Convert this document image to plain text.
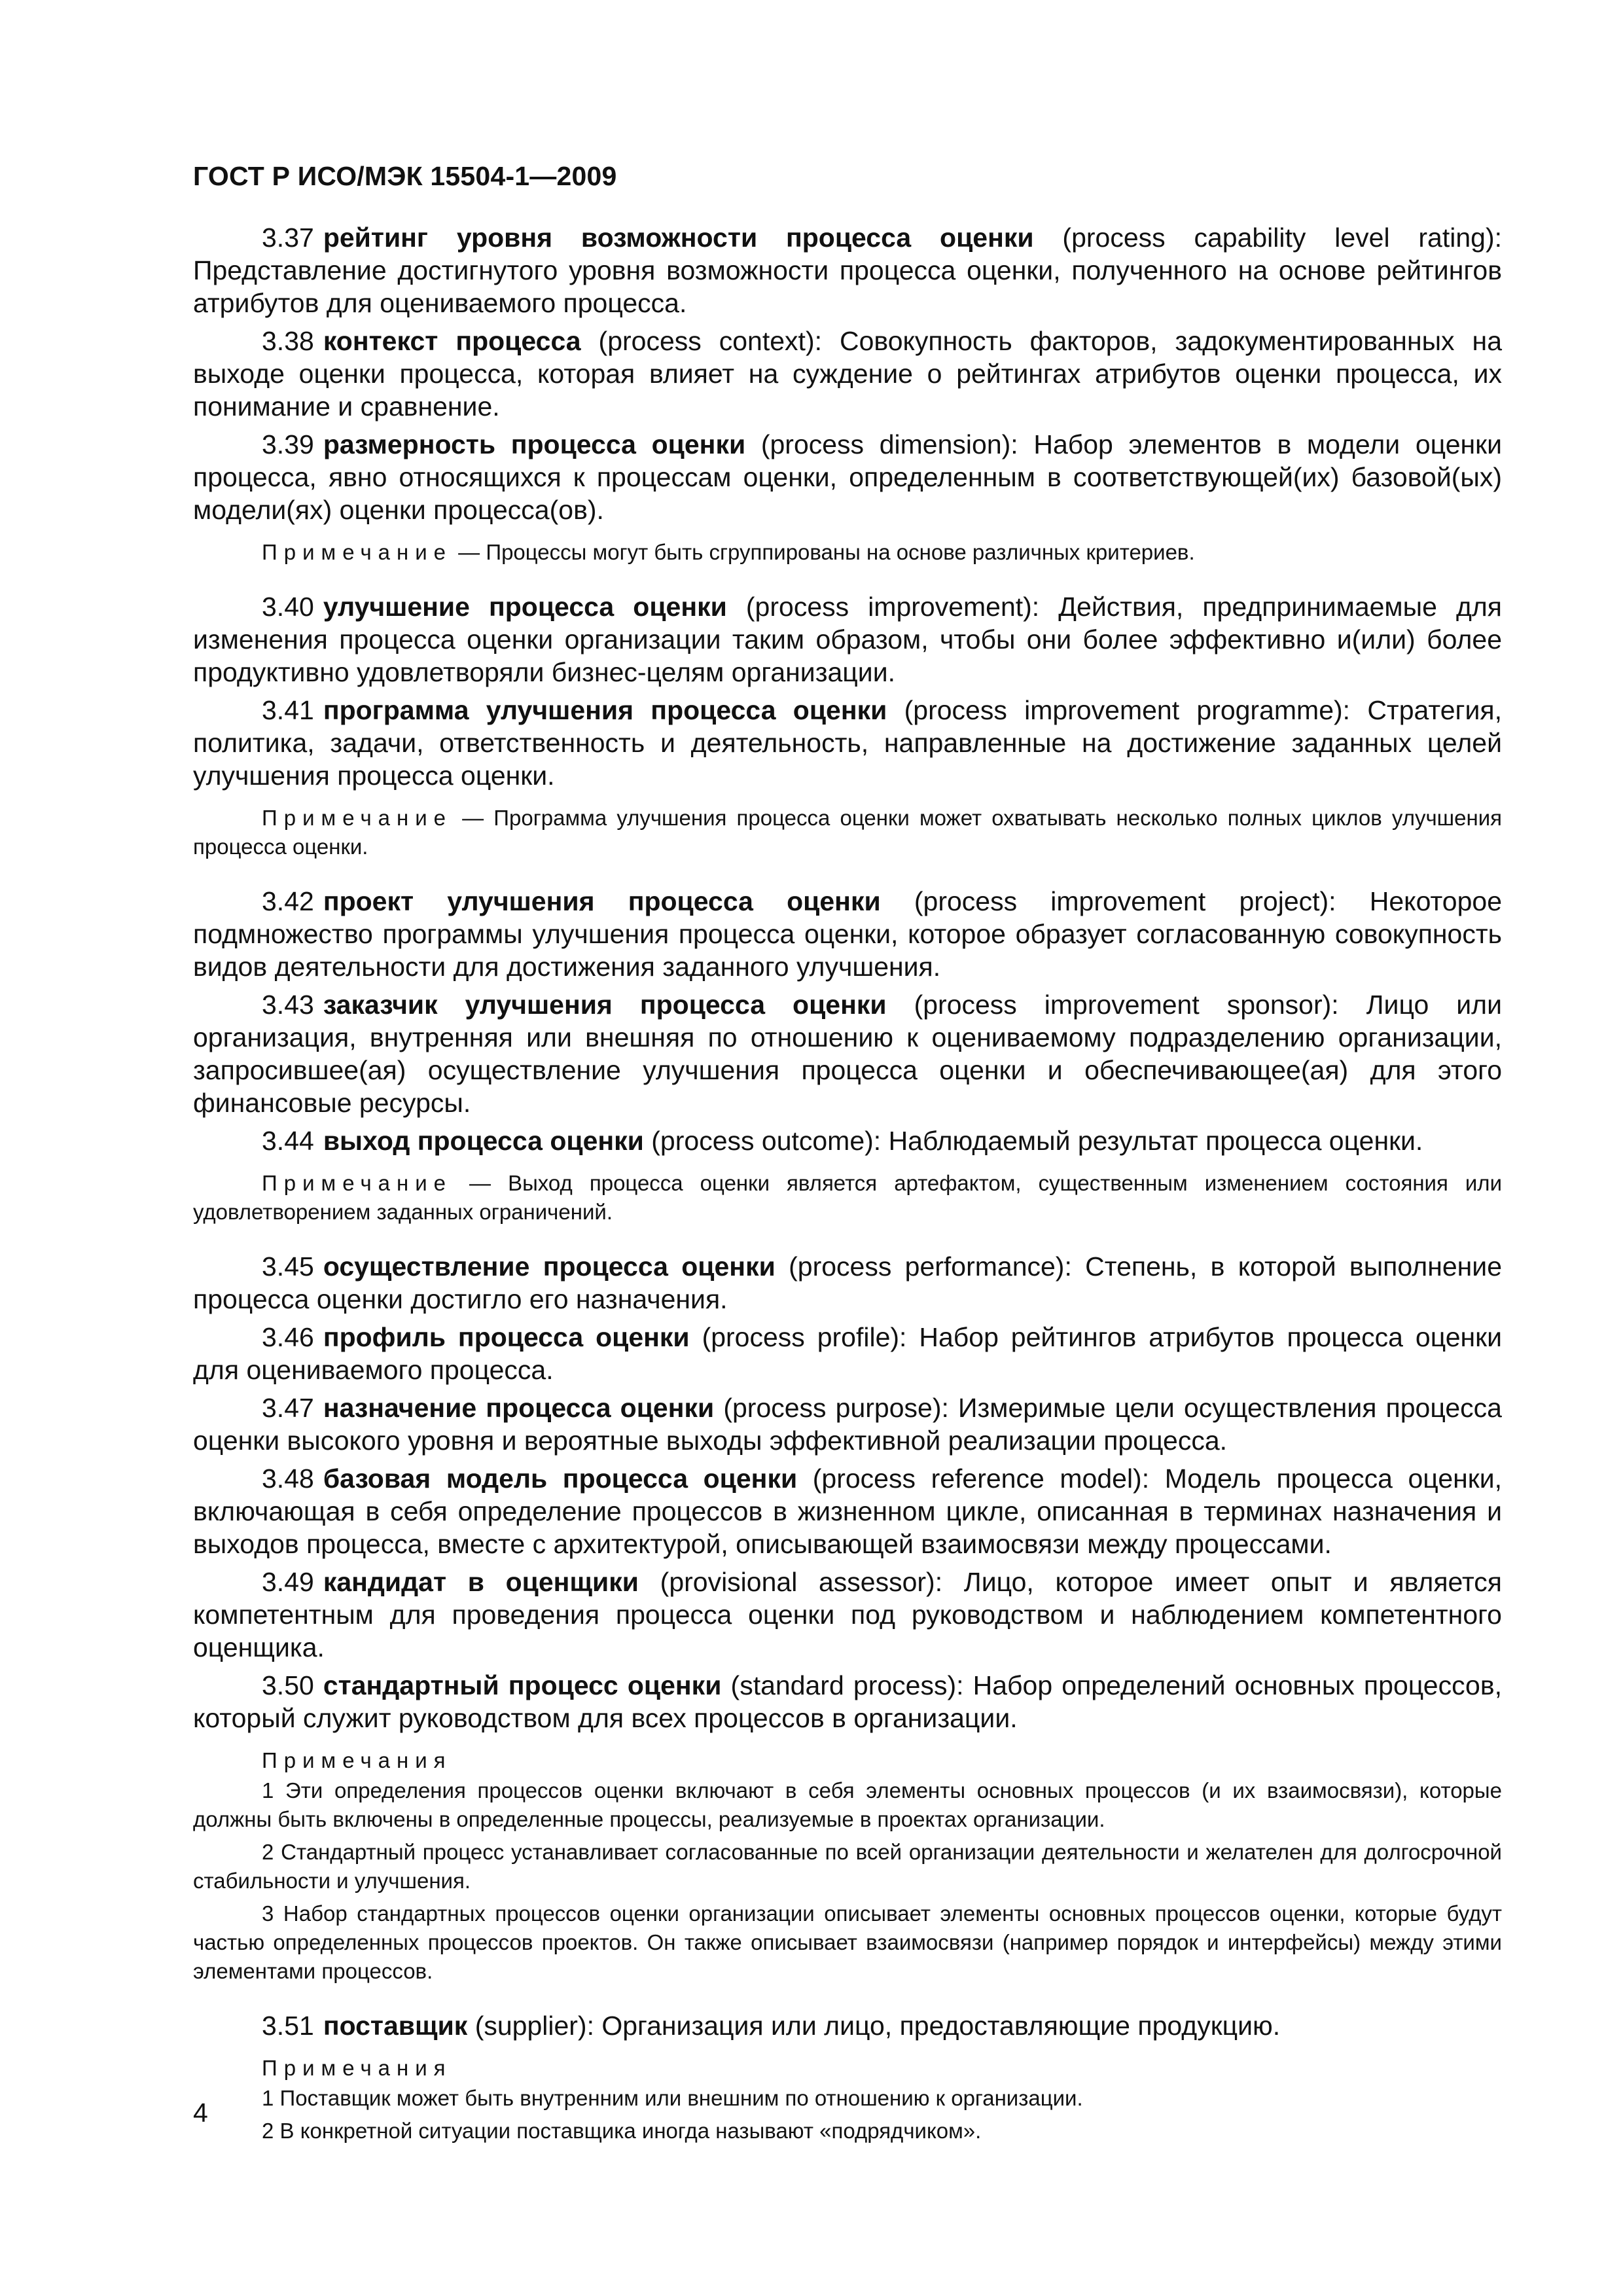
ГОСТ Р ИСО/МЭК 15504-1—2009

3.37 рейтинг уровня возможности процесса оценки (process capability level rating): Представление достигнутого уровня возможности процесса оценки, полученного на основе рейтингов атрибутов для оцениваемого процесса.

3.38 контекст процесса (process context): Совокупность факторов, задокументированных на выходе оценки процесса, которая влияет на суждение о рейтингах атрибутов оценки процесса, их понимание и сравнение.

3.39 размерность процесса оценки (process dimension): Набор элементов в модели оценки процесса, явно относящихся к процессам оценки, определенным в соответствующей(их) базовой(ых) модели(ях) оценки процесса(ов).

Примечание — Процессы могут быть сгруппированы на основе различных критериев.

3.40 улучшение процесса оценки (process improvement): Действия, предпринимаемые для изменения процесса оценки организации таким образом, чтобы они более эффективно и(или) более продуктивно удовлетворяли бизнес-целям организации.

3.41 программа улучшения процесса оценки (process improvement programme): Стратегия, политика, задачи, ответственность и деятельность, направленные на достижение заданных целей улучшения процесса оценки.

Примечание — Программа улучшения процесса оценки может охватывать несколько полных циклов улучшения процесса оценки.

3.42 проект улучшения процесса оценки (process improvement project): Некоторое подмножество программы улучшения процесса оценки, которое образует согласованную совокупность видов деятельности для достижения заданного улучшения.

3.43 заказчик улучшения процесса оценки (process improvement sponsor): Лицо или организация, внутренняя или внешняя по отношению к оцениваемому подразделению организации, запросившее(ая) осуществление улучшения процесса оценки и обеспечивающее(ая) для этого финансовые ресурсы.

3.44 выход процесса оценки (process outcome): Наблюдаемый результат процесса оценки.

Примечание — Выход процесса оценки является артефактом, существенным изменением состояния или удовлетворением заданных ограничений.

3.45 осуществление процесса оценки (process performance): Степень, в которой выполнение процесса оценки достигло его назначения.

3.46 профиль процесса оценки (process profile): Набор рейтингов атрибутов процесса оценки для оцениваемого процесса.

3.47 назначение процесса оценки (process purpose): Измеримые цели осуществления процесса оценки высокого уровня и вероятные выходы эффективной реализации процесса.

3.48 базовая модель процесса оценки (process reference model): Модель процесса оценки, включающая в себя определение процессов в жизненном цикле, описанная в терминах назначения и выходов процесса, вместе с архитектурой, описывающей взаимосвязи между процессами.

3.49 кандидат в оценщики (provisional assessor): Лицо, которое имеет опыт и является компетентным для проведения процесса оценки под руководством и наблюдением компетентного оценщика.

3.50 стандартный процесс оценки (standard process): Набор определений основных процессов, который служит руководством для всех процессов в организации.

Примечания

1 Эти определения процессов оценки включают в себя элементы основных процессов (и их взаимосвязи), которые должны быть включены в определенные процессы, реализуемые в проектах организации.

2 Стандартный процесс устанавливает согласованные по всей организации деятельности и желателен для долгосрочной стабильности и улучшения.

3 Набор стандартных процессов оценки организации описывает элементы основных процессов оценки, которые будут частью определенных процессов проектов. Он также описывает взаимосвязи (например порядок и интерфейсы) между этими элементами процессов.

3.51 поставщик (supplier): Организация или лицо, предоставляющие продукцию.

Примечания

1 Поставщик может быть внутренним или внешним по отношению к организации.

2 В конкретной ситуации поставщика иногда называют «подрядчиком».

4
